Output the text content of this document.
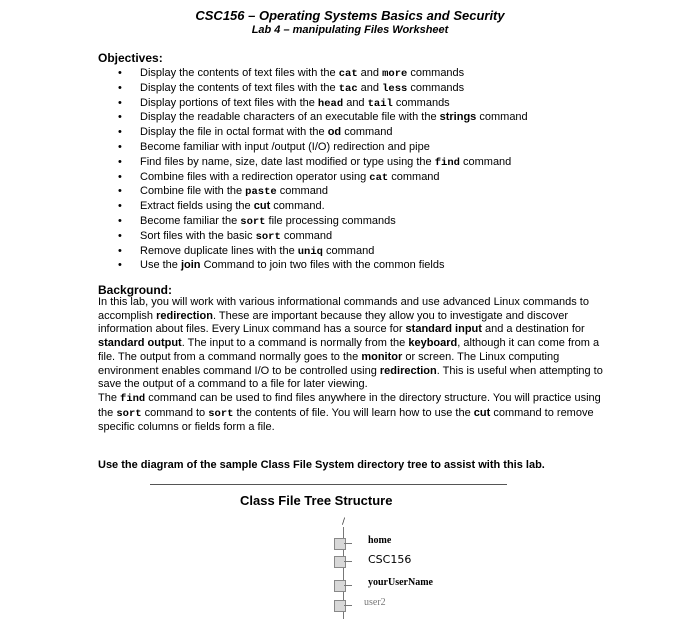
CSC156 – Operating Systems Basics and Security
Lab 4 – manipulating Files Worksheet
Objectives:
• Display the contents of text files with the cat and more commands
• Display the contents of text files with the tac and less commands
• Display portions of text files with the head and tail commands
• Display the readable characters of an executable file with the strings command
• Display the file in octal format with the od command
• Become familiar with input /output (I/O) redirection and pipe
• Find files by name, size, date last modified or type using the find command
• Combine files with a redirection operator using cat command
• Combine file with the paste command
• Extract fields using the cut command.
• Become familiar the sort file processing commands
• Sort files with the basic sort command
• Remove duplicate lines with the uniq command
• Use the join Command to join two files with the common fields
Background:

In this lab, you will work with various informational commands and use advanced Linux commands to accomplish redirection. These are important because they allow you to investigate and discover information about files. Every Linux command has a source for standard input and a destination for standard output. The input to a command is normally from the keyboard, although it can come from a file. The output from a command normally goes to the monitor or screen. The Linux computing environment enables command I/O to be controlled using redirection. This is useful when attempting to save the output of a command to a file for later viewing.

The find command can be used to find files anywhere in the directory structure. You will practice using the sort command to sort the contents of file. You will learn how to use the cut command to remove specific columns or fields form a file.

Use the diagram of the sample Class File System directory tree to assist with this lab.
Class File Tree Structure
/
home
CSC156
yourUserName
user2
